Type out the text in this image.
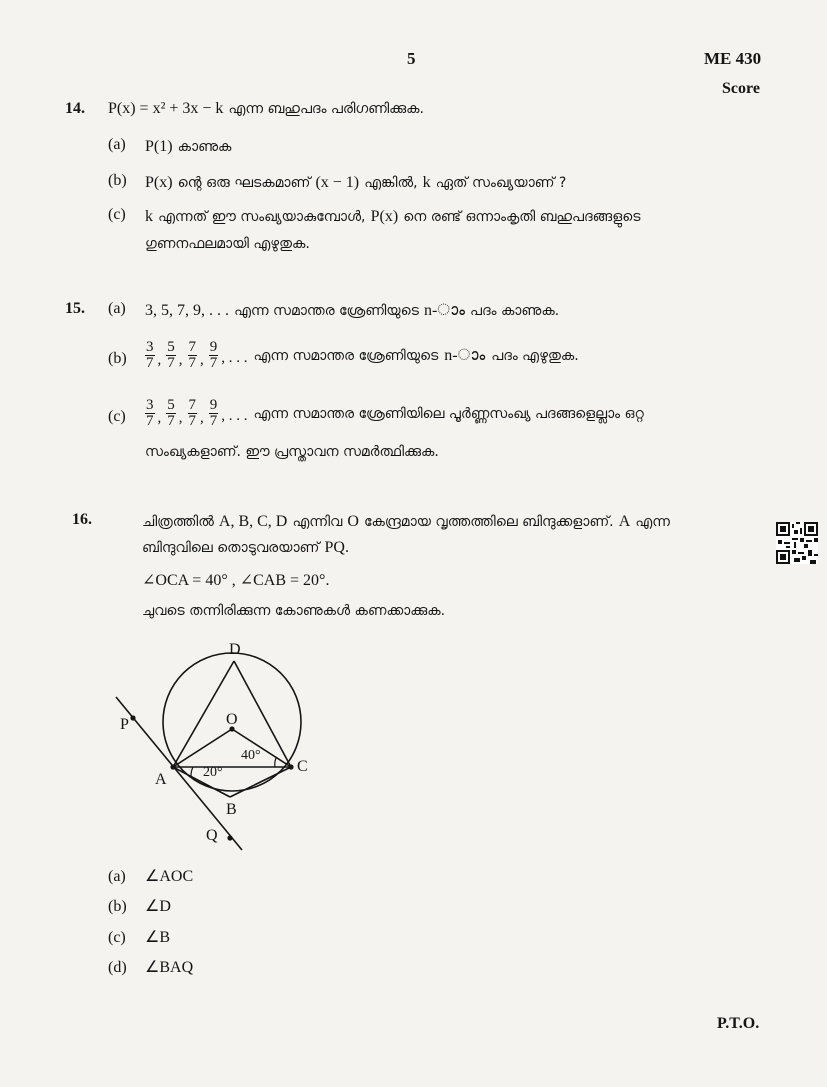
5	ME 430
Score
14. P(x) = x² + 3x − k എന്ന ബഹുപദം പരിഗണിക്കുക.
(a) P(1) കാണുക
(b) P(x) ന്റെ ഒരു ഘടകമാണ് (x − 1) എങ്കിൽ, k ഏത് സംഖ്യയാണ് ?
(c) k എന്നത് ഈ സംഖ്യയാകുമ്പോൾ, P(x) നെ രണ്ട് ഒന്നാംകൃതി ബഹുപദങ്ങളുടെ
ഗുണനഫലമായി എഴുതുക.
15. (a) 3, 5, 7, 9, . . . എന്ന സമാന്തര ശ്രേണിയുടെ n-ാം പദം കാണുക.
$(b) \frac{3}{7}$ , $\frac{5}{7}$ , $\frac{7}{7}$ , $\frac{9}{7}$ , . . . എന്ന സമാന്തര ശ്രേണിയുടെ n-ാം പദം എഴുതുക.
$(c) \frac{3}{7}$ , $\frac{5}{7}$ , $\frac{7}{7}$ , $\frac{9}{7}$ , . . . എന്ന സമാന്തര ശ്രേണിയിലെ പൂർണ്ണസംഖ്യ പദങ്ങളെല്ലാം ഒറ്റ
സംഖ്യകളാണ്. ഈ പ്രസ്താവന സമർത്ഥിക്കുക.
16.	ചിത്രത്തിൽ A, B, C, D എന്നിവ O കേന്ദ്രമായ വൃത്തത്തിലെ ബിന്ദുക്കളാണ്. A എന്ന
ബിന്ദുവിലെ തൊടുവരയാണ് PQ.
∠OCA = 40° , ∠CAB = 20°.
ചുവടെ തന്നിരിക്കുന്ന കോണുകൾ കണക്കാക്കുക.
D
O
P
A
C
B
Q
40°
20°
(a) ∠AOC
(b) ∠D
(c) ∠B
(d) ∠BAQ
P.T.O.
